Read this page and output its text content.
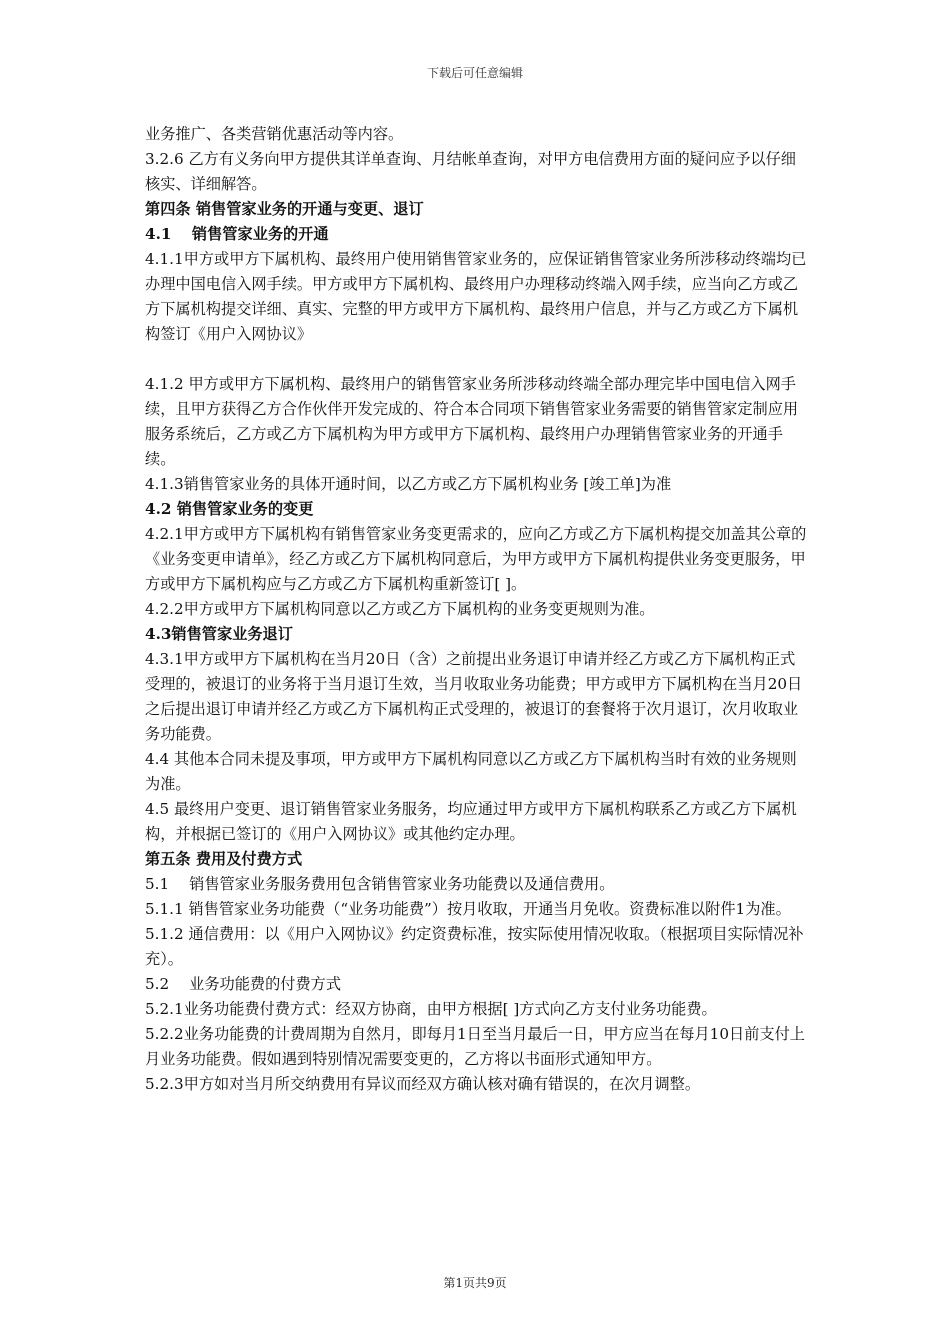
下载后可任意编辑

业务推广、各类营销优惠活动等内容。

3.2.6 乙方有义务向甲方提供其详单查询、月结帐单查询，对甲方电信费用方面的疑问应予以仔细核实、详细解答。

第四条 销售管家业务的开通与变更、退订

4.1　 销售管家业务的开通

4.1.1甲方或甲方下属机构、最终用户使用销售管家业务的，应保证销售管家业务所涉移动终端均已办理中国电信入网手续。甲方或甲方下属机构、最终用户办理移动终端入网手续，应当向乙方或乙方下属机构提交详细、真实、完整的甲方或甲方下属机构、最终用户信息，并与乙方或乙方下属机构签订《用户入网协议》

4.1.2 甲方或甲方下属机构、最终用户的销售管家业务所涉移动终端全部办理完毕中国电信入网手续，且甲方获得乙方合作伙伴开发完成的、符合本合同项下销售管家业务需要的销售管家定制应用服务系统后，乙方或乙方下属机构为甲方或甲方下属机构、最终用户办理销售管家业务的开通手续。

4.1.3销售管家业务的具体开通时间，以乙方或乙方下属机构业务 [竣工单]为准

4.2 销售管家业务的变更

4.2.1甲方或甲方下属机构有销售管家业务变更需求的，应向乙方或乙方下属机构提交加盖其公章的《业务变更申请单》，经乙方或乙方下属机构同意后，为甲方或甲方下属机构提供业务变更服务，甲方或甲方下属机构应与乙方或乙方下属机构重新签订[ ]。

4.2.2甲方或甲方下属机构同意以乙方或乙方下属机构的业务变更规则为准。

4.3销售管家业务退订

4.3.1甲方或甲方下属机构在当月20日（含）之前提出业务退订申请并经乙方或乙方下属机构正式受理的，被退订的业务将于当月退订生效，当月收取业务功能费；甲方或甲方下属机构在当月20日之后提出退订申请并经乙方或乙方下属机构正式受理的，被退订的套餐将于次月退订，次月收取业务功能费。

4.4 其他本合同未提及事项，甲方或甲方下属机构同意以乙方或乙方下属机构当时有效的业务规则为准。

4.5 最终用户变更、退订销售管家业务服务，均应通过甲方或甲方下属机构联系乙方或乙方下属机构，并根据已签订的《用户入网协议》或其他约定办理。

第五条 费用及付费方式

5.1　 销售管家业务服务费用包含销售管家业务功能费以及通信费用。

5.1.1 销售管家业务功能费（“业务功能费”）按月收取，开通当月免收。资费标准以附件1为准。

5.1.2 通信费用：以《用户入网协议》约定资费标准，按实际使用情况收取。（根据项目实际情况补充）。

5.2　 业务功能费的付费方式

5.2.1业务功能费付费方式：经双方协商，由甲方根据[ ]方式向乙方支付业务功能费。

5.2.2业务功能费的计费周期为自然月，即每月1日至当月最后一日，甲方应当在每月10日前支付上月业务功能费。假如遇到特别情况需要变更的，乙方将以书面形式通知甲方。

5.2.3甲方如对当月所交纳费用有异议而经双方确认核对确有错误的，在次月调整。

第1页共9页
